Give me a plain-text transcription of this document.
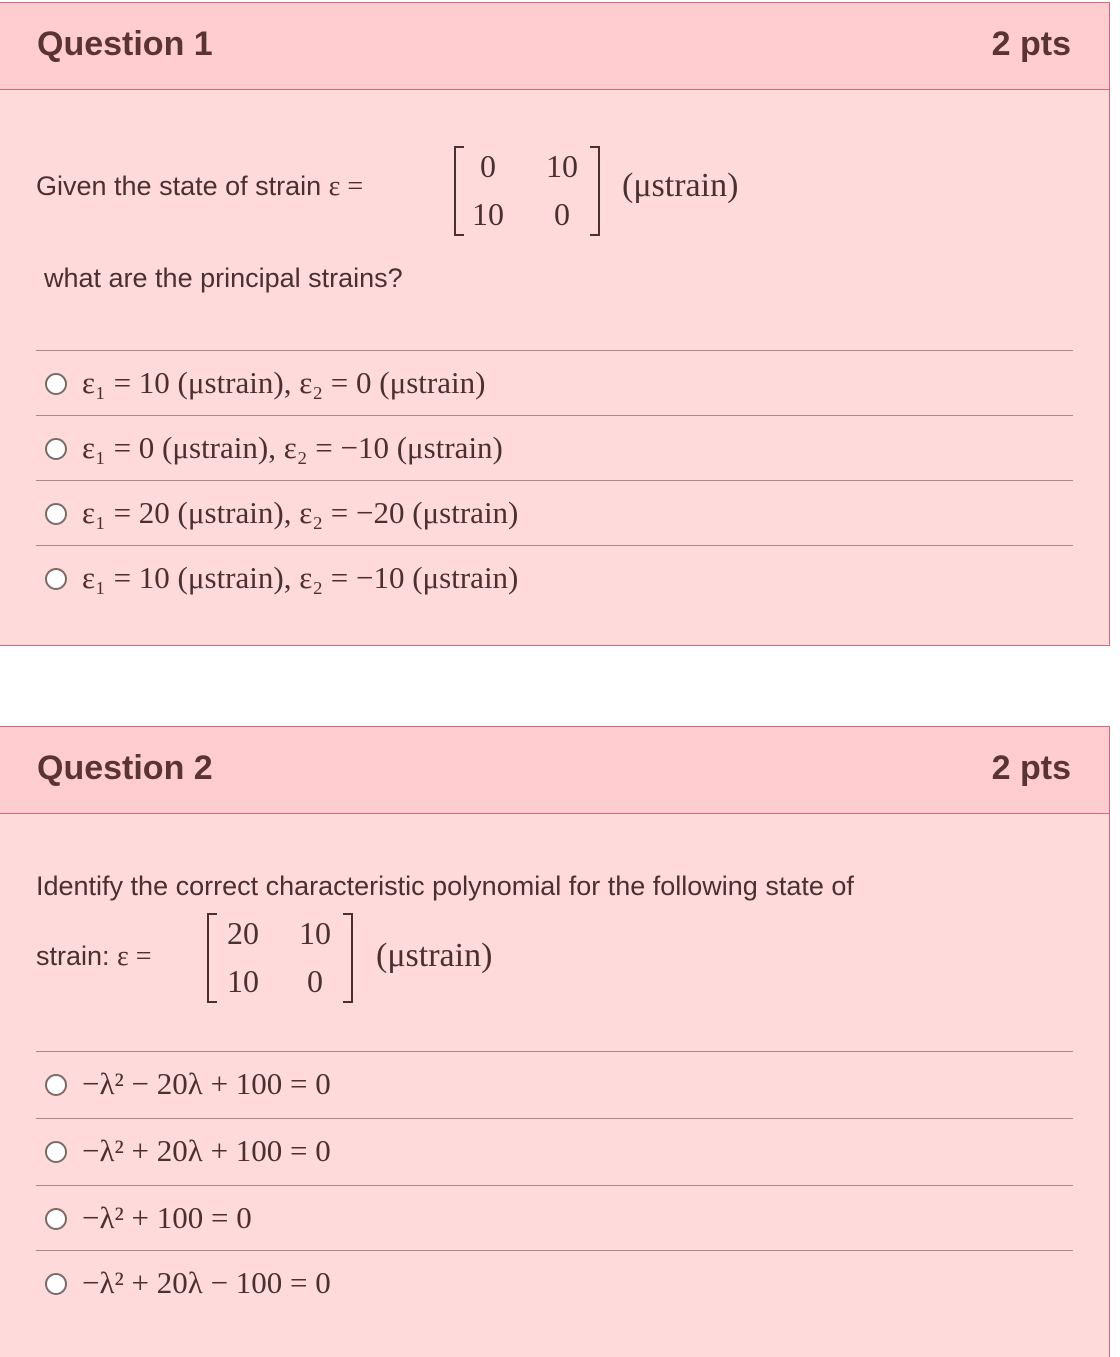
Question 1	2 pts
Given the state of strain ε =
0	10
10	0
(μstrain)
what are the principal strains?
ε₁ = 10 (μstrain), ε₂ = 0 (μstrain)
ε₁ = 0 (μstrain), ε₂ = −10 (μstrain)
ε₁ = 20 (μstrain), ε₂ = −20 (μstrain)
ε₁ = 10 (μstrain), ε₂ = −10 (μstrain)
Question 2	2 pts
Identify the correct characteristic polynomial for the following state of
strain: ε =
20 10
10	0
(μstrain)
−λ² − 20λ + 100 = 0
−λ² + 20λ + 100 = 0
−λ² + 100 = 0
−λ² + 20λ − 100 = 0
